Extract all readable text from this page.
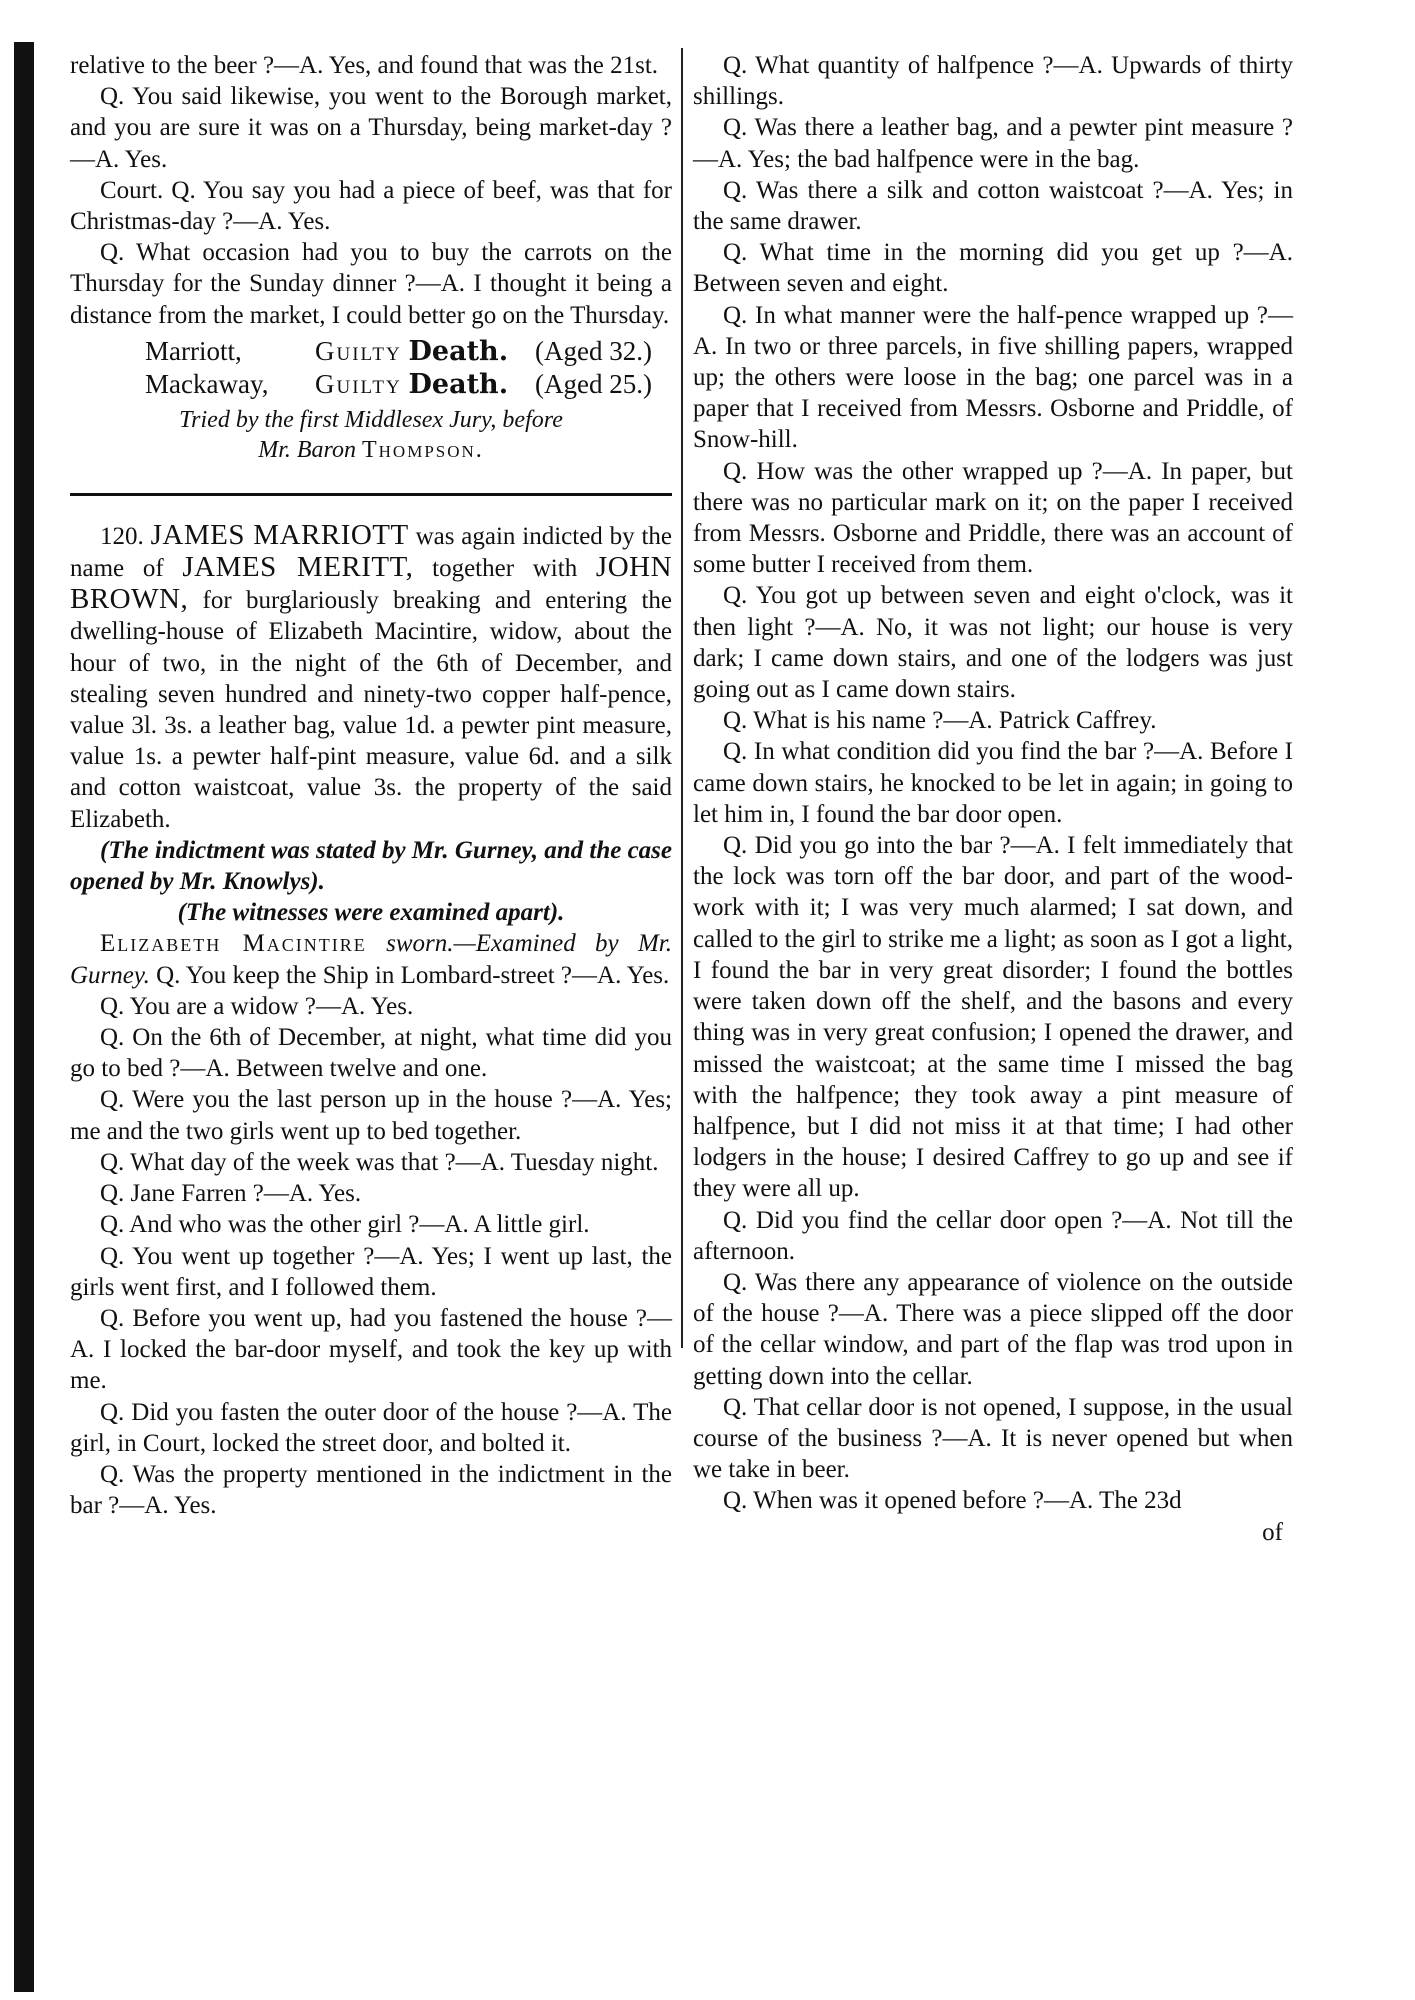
relative to the beer ?—A. Yes, and found that was the 21st.

Q. You said likewise, you went to the Borough market, and you are sure it was on a Thursday, being market-day ?—A. Yes.

Court. Q. You say you had a piece of beef, was that for Christmas-day ?—A. Yes.

Q. What occasion had you to buy the carrots on the Thursday for the Sunday dinner ?—A. I thought it being a distance from the market, I could better go on the Thursday.

Marriott,	Guilty Death. (Aged 32.)
Mackaway,	Guilty Death. (Aged 25.)

Tried by the first Middlesex Jury, before

Mr. Baron Thompson.

120. JAMES MARRIOTT was again indicted by the name of JAMES MERITT, together with JOHN BROWN, for burglariously breaking and entering the dwelling-house of Elizabeth Macintire, widow, about the hour of two, in the night of the 6th of December, and stealing seven hundred and ninety-two copper half-pence, value 3l. 3s. a leather bag, value 1d. a pewter pint measure, value 1s. a pewter half-pint measure, value 6d. and a silk and cotton waistcoat, value 3s. the property of the said Elizabeth.

(The indictment was stated by Mr. Gurney, and the case opened by Mr. Knowlys).

(The witnesses were examined apart).

Elizabeth Macintire sworn.—Examined by Mr. Gurney. Q. You keep the Ship in Lombard-street ?—A. Yes.

Q. You are a widow ?—A. Yes.

Q. On the 6th of December, at night, what time did you go to bed ?—A. Between twelve and one.

Q. Were you the last person up in the house ?—A. Yes; me and the two girls went up to bed together.

Q. What day of the week was that ?—A. Tuesday night.

Q. Jane Farren ?—A. Yes.

Q. And who was the other girl ?—A. A little girl.

Q. You went up together ?—A. Yes; I went up last, the girls went first, and I followed them.

Q. Before you went up, had you fastened the house ?—A. I locked the bar-door myself, and took the key up with me.

Q. Did you fasten the outer door of the house ?—A. The girl, in Court, locked the street door, and bolted it.

Q. Was the property mentioned in the indictment in the bar ?—A. Yes.

Q. What quantity of halfpence ?—A. Upwards of thirty shillings.

Q. Was there a leather bag, and a pewter pint measure ?—A. Yes; the bad halfpence were in the bag.

Q. Was there a silk and cotton waistcoat ?—A. Yes; in the same drawer.

Q. What time in the morning did you get up ?—A. Between seven and eight.

Q. In what manner were the half-pence wrapped up ?—A. In two or three parcels, in five shilling papers, wrapped up; the others were loose in the bag; one parcel was in a paper that I received from Messrs. Osborne and Priddle, of Snow-hill.

Q. How was the other wrapped up ?—A. In paper, but there was no particular mark on it; on the paper I received from Messrs. Osborne and Priddle, there was an account of some butter I received from them.

Q. You got up between seven and eight o'clock, was it then light ?—A. No, it was not light; our house is very dark; I came down stairs, and one of the lodgers was just going out as I came down stairs.

Q. What is his name ?—A. Patrick Caffrey.

Q. In what condition did you find the bar ?—A. Before I came down stairs, he knocked to be let in again; in going to let him in, I found the bar door open.

Q. Did you go into the bar ?—A. I felt immediately that the lock was torn off the bar door, and part of the wood-work with it; I was very much alarmed; I sat down, and called to the girl to strike me a light; as soon as I got a light, I found the bar in very great disorder; I found the bottles were taken down off the shelf, and the basons and every thing was in very great confusion; I opened the drawer, and missed the waistcoat; at the same time I missed the bag with the halfpence; they took away a pint measure of halfpence, but I did not miss it at that time; I had other lodgers in the house; I desired Caffrey to go up and see if they were all up.

Q. Did you find the cellar door open ?—A. Not till the afternoon.

Q. Was there any appearance of violence on the outside of the house ?—A. There was a piece slipped off the door of the cellar window, and part of the flap was trod upon in getting down into the cellar.

Q. That cellar door is not opened, I suppose, in the usual course of the business ?—A. It is never opened but when we take in beer.

Q. When was it opened before ?—A. The 23d

of
